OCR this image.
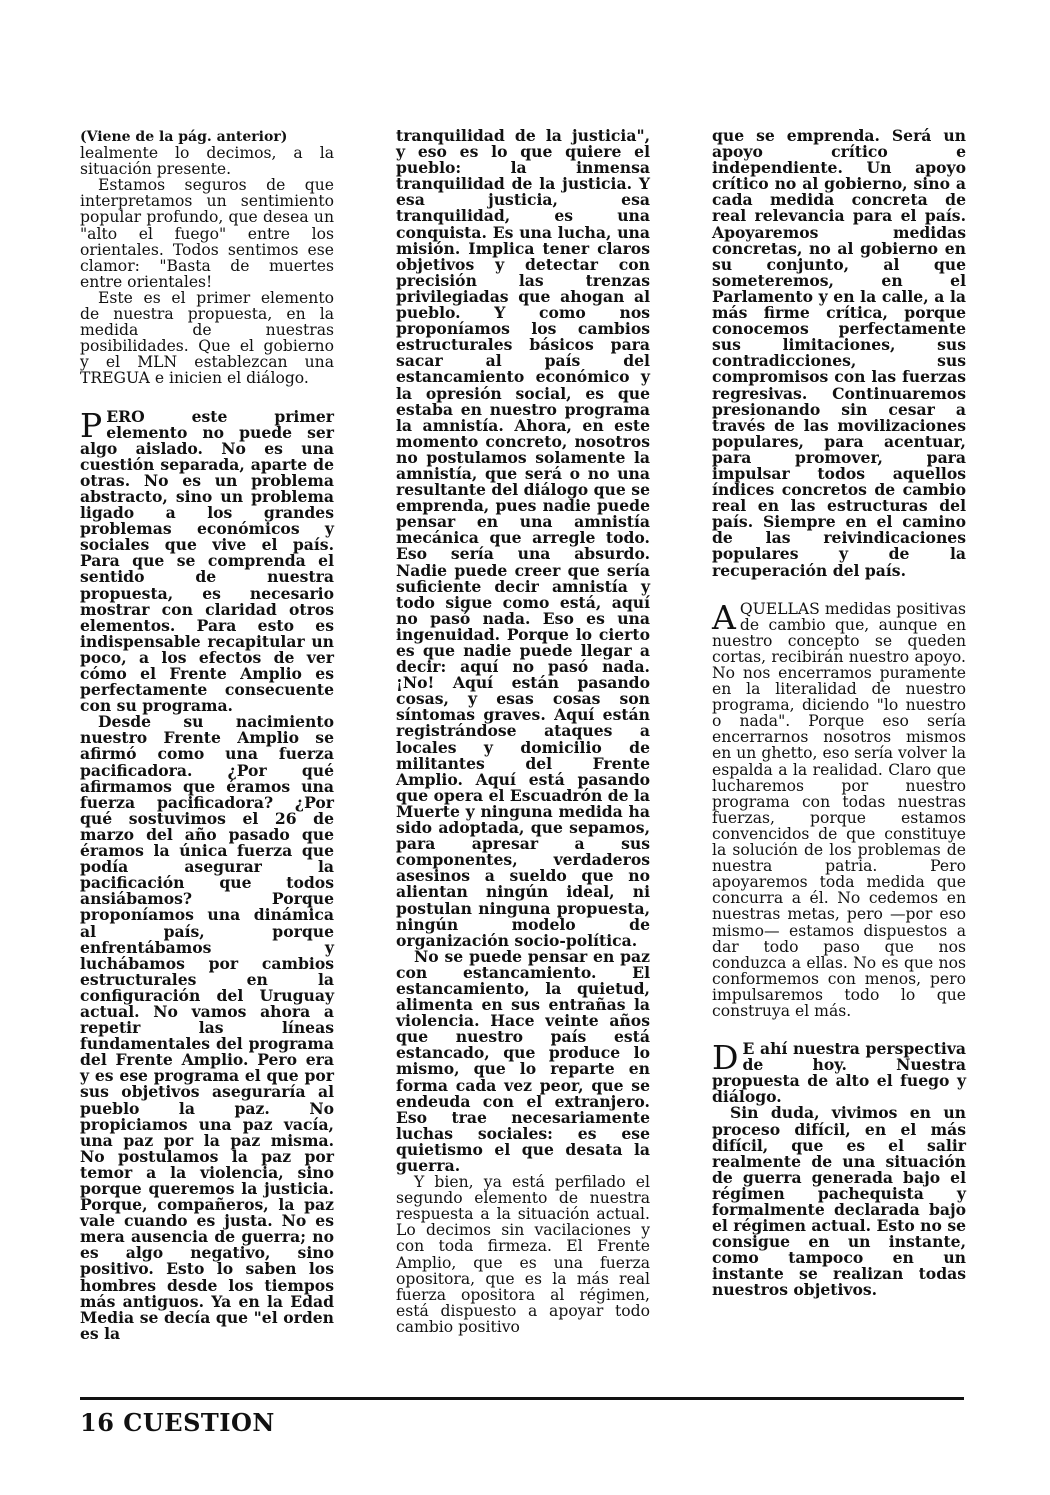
(Viene de la pág. anterior)

lealmente lo decimos, a la situación presente.

Estamos seguros de que interpretamos un sentimiento popular profundo, que desea un "alto el fuego" entre los orientales. Todos sentimos ese clamor: "Basta de muertes entre orientales!

Este es el primer elemento de nuestra propuesta, en la medida de nuestras posibilidades. Que el gobierno y el MLN establezcan una TREGUA e inicien el diálogo.

PERO este primer elemento no puede ser algo aislado. No es una cuestión separada, aparte de otras. No es un problema abstracto, sino un problema ligado a los grandes problemas económicos y sociales que vive el país. Para que se comprenda el sentido de nuestra propuesta, es necesario mostrar con claridad otros elementos. Para esto es indispensable recapitular un poco, a los efectos de ver cómo el Frente Amplio es perfectamente consecuente con su programa.

Desde su nacimiento nuestro Frente Amplio se afirmó como una fuerza pacificadora. ¿Por qué afirmamos que éramos una fuerza pacificadora? ¿Por qué sostuvimos el 26 de marzo del año pasado que éramos la única fuerza que podía asegurar la pacificación que todos ansiábamos? Porque proponíamos una dinámica al país, porque enfrentábamos y luchábamos por cambios estructurales en la configuración del Uruguay actual. No vamos ahora a repetir las líneas fundamentales del programa del Frente Amplio. Pero era y es ese programa el que por sus objetivos aseguraría al pueblo la paz. No propiciamos una paz vacía, una paz por la paz misma. No postulamos la paz por temor a la violencia, sino porque queremos la justicia. Porque, compañeros, la paz vale cuando es justa. No es mera ausencia de guerra; no es algo negativo, sino positivo. Esto lo saben los hombres desde los tiempos más antiguos. Ya en la Edad Media se decía que "el orden es la

tranquilidad de la justicia", y eso es lo que quiere el pueblo: la inmensa tranquilidad de la justicia. Y esa justicia, esa tranquilidad, es una conquista. Es una lucha, una misión. Implica tener claros objetivos y detectar con precisión las trenzas privilegiadas que ahogan al pueblo. Y como nos proponíamos los cambios estructurales básicos para sacar al país del estancamiento económico y la opresión social, es que estaba en nuestro programa la amnistía. Ahora, en este momento concreto, nosotros no postulamos solamente la amnistía, que será o no una resultante del diálogo que se emprenda, pues nadie puede pensar en una amnistía mecánica que arregle todo. Eso sería una absurdo. Nadie puede creer que sería suficiente decir amnistía y todo sigue como está, aquí no pasó nada. Eso es una ingenuidad. Porque lo cierto es que nadie puede llegar a decir: aquí no pasó nada. ¡No! Aquí están pasando cosas, y esas cosas son síntomas graves. Aquí están registrándose ataques a locales y domicilio de militantes del Frente Amplio. Aquí está pasando que opera el Escuadrón de la Muerte y ninguna medida ha sido adoptada, que sepamos, para apresar a sus componentes, verdaderos asesinos a sueldo que no alientan ningún ideal, ni postulan ninguna propuesta, ningún modelo de organización socio-política.

No se puede pensar en paz con estancamiento. El estancamiento, la quietud, alimenta en sus entrañas la violencia. Hace veinte años que nuestro país está estancado, que produce lo mismo, que lo reparte en forma cada vez peor, que se endeuda con el extranjero. Eso trae necesariamente luchas sociales: es ese quietismo el que desata la guerra.

Y bien, ya está perfilado el segundo elemento de nuestra respuesta a la situación actual. Lo decimos sin vacilaciones y con toda firmeza. El Frente Amplio, que es una fuerza opositora, que es la más real fuerza opositora al régimen, está dispuesto a apoyar todo cambio positivo

que se emprenda. Será un apoyo crítico e independiente. Un apoyo crítico no al gobierno, sino a cada medida concreta de real relevancia para el país. Apoyaremos medidas concretas, no al gobierno en su conjunto, al que someteremos, en el Parlamento y en la calle, a la más firme crítica, porque conocemos perfectamente sus limitaciones, sus contradicciones, sus compromisos con las fuerzas regresivas. Continuaremos presionando sin cesar a través de las movilizaciones populares, para acentuar, para promover, para impulsar todos aquellos índices concretos de cambio real en las estructuras del país. Siempre en el camino de las reivindicaciones populares y de la recuperación del país.

AQUELLAS medidas positivas de cambio que, aunque en nuestro concepto se queden cortas, recibirán nuestro apoyo. No nos encerramos puramente en la literalidad de nuestro programa, diciendo "lo nuestro o nada". Porque eso sería encerrarnos nosotros mismos en un ghetto, eso sería volver la espalda a la realidad. Claro que lucharemos por nuestro programa con todas nuestras fuerzas, porque estamos convencidos de que constituye la solución de los problemas de nuestra patria. Pero apoyaremos toda medida que concurra a él. No cedemos en nuestras metas, pero —por eso mismo— estamos dispuestos a dar todo paso que nos conduzca a ellas. No es que nos conformemos con menos, pero impulsaremos todo lo que construya el más.

D E ahí nuestra perspectiva de hoy. Nuestra propuesta de alto el fuego y diálogo.

Sin duda, vivimos en un proceso difícil, en el más difícil, que es el salir realmente de una situación de guerra generada bajo el régimen pachequista y formalmente declarada bajo el régimen actual. Esto no se consigue en un instante, como tampoco en un instante se realizan todas nuestros objetivos.

16 CUESTION
